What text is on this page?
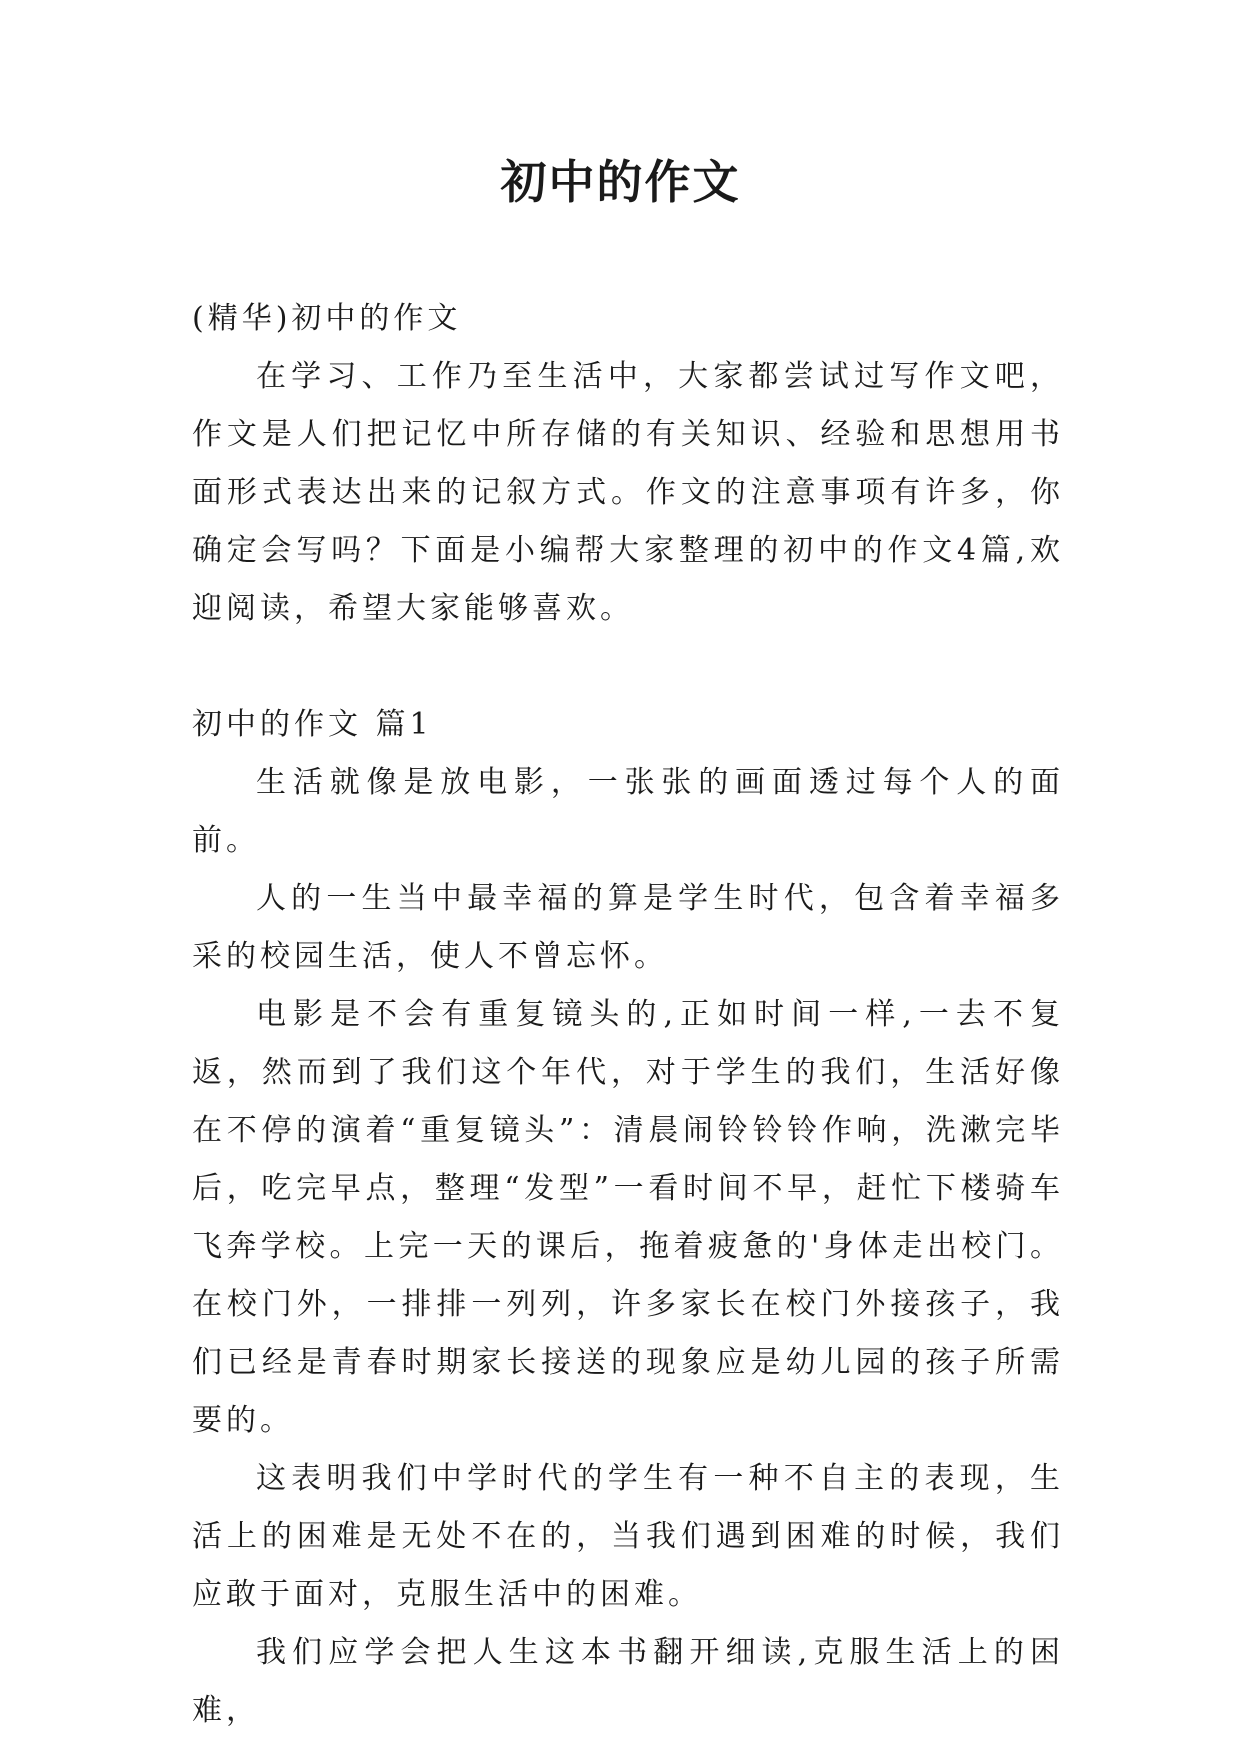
初中的作文

(精华)初中的作文

在学习、工作乃至生活中，大家都尝试过写作文吧，作文是人们把记忆中所存储的有关知识、经验和思想用书面形式表达出来的记叙方式。作文的注意事项有许多，你确定会写吗？下面是小编帮大家整理的初中的作文4篇,欢迎阅读，希望大家能够喜欢。

初中的作文 篇1

生活就像是放电影，一张张的画面透过每个人的面前。

人的一生当中最幸福的算是学生时代，包含着幸福多采的校园生活，使人不曾忘怀。

电影是不会有重复镜头的,正如时间一样,一去不复返，然而到了我们这个年代，对于学生的我们，生活好像在不停的演着“重复镜头”：清晨闹铃铃铃作响，洗漱完毕后，吃完早点，整理“发型”一看时间不早，赶忙下楼骑车飞奔学校。上完一天的课后，拖着疲惫的'身体走出校门。在校门外，一排排一列列，许多家长在校门外接孩子，我们已经是青春时期家长接送的现象应是幼儿园的孩子所需要的。

这表明我们中学时代的学生有一种不自主的表现，生活上的困难是无处不在的，当我们遇到困难的时候，我们应敢于面对，克服生活中的困难。

我们应学会把人生这本书翻开细读,克服生活上的困难，
